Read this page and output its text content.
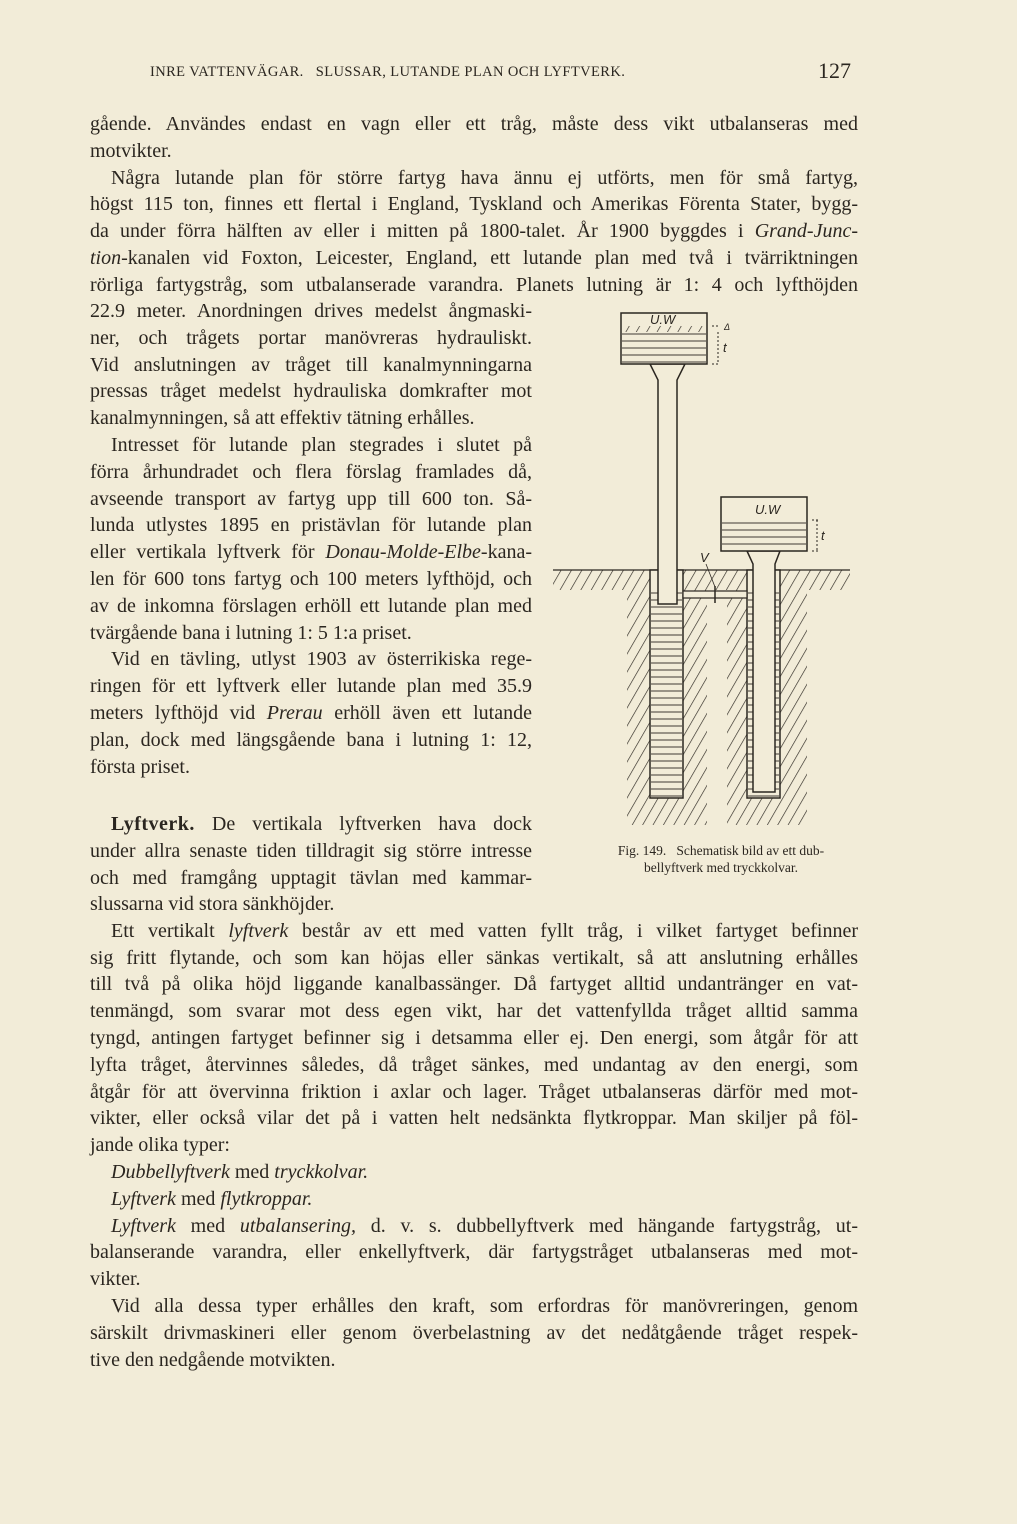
INRE VATTENVÄGAR.   SLUSSAR, LUTANDE PLAN OCH LYFTVERK.	127
gående. Användes endast en vagn eller ett tråg, måste dess vikt utbalanseras med
motvikter.
Några lutande plan för större fartyg hava ännu ej utförts, men för små fartyg,
högst 115 ton, finnes ett flertal i England, Tyskland och Amerikas Förenta Stater, bygg-
da under förra hälften av eller i mitten på 1800-talet. År 1900 byggdes i Grand-Junc-
tion-kanalen vid Foxton, Leicester, England, ett lutande plan med två i tvärriktningen
rörliga fartygstråg, som utbalanserade varandra. Planets lutning är 1: 4 och lyfthöjden
22.9 meter. Anordningen drives medelst ångmaski-
ner, och trågets portar manövreras hydrauliskt.
Vid anslutningen av tråget till kanalmynningarna
pressas tråget medelst hydrauliska domkrafter mot
kanalmynningen, så att effektiv tätning erhålles.
Intresset för lutande plan stegrades i slutet på
förra århundradet och flera förslag framlades då,
avseende transport av fartyg upp till 600 ton. Så-
lunda utlystes 1895 en pristävlan för lutande plan
eller vertikala lyftverk för Donau-Molde-Elbe-kana-
len för 600 tons fartyg och 100 meters lyfthöjd, och
av de inkomna förslagen erhöll ett lutande plan med
tvärgående bana i lutning 1: 5 1:a priset.
Vid en tävling, utlyst 1903 av österrikiska rege-
ringen för ett lyftverk eller lutande plan med 35.9
meters lyfthöjd vid Prerau erhöll även ett lutande
plan, dock med längsgående bana i lutning 1: 12,
första priset.
Lyftverk. De vertikala lyftverken hava dock
under allra senaste tiden tilldragit sig större intresse
och med framgång upptagit tävlan med kammar-
slussarna vid stora sänkhöjder.
Ett vertikalt lyftverk består av ett med vatten fyllt tråg, i vilket fartyget befinner
sig fritt flytande, och som kan höjas eller sänkas vertikalt, så att anslutning erhålles
till två på olika höjd liggande kanalbassänger. Då fartyget alltid undantränger en vat-
tenmängd, som svarar mot dess egen vikt, har det vattenfyllda tråget alltid samma
tyngd, antingen fartyget befinner sig i detsamma eller ej. Den energi, som åtgår för att
lyfta tråget, återvinnes således, då tråget sänkes, med undantag av den energi, som
åtgår för att övervinna friktion i axlar och lager. Tråget utbalanseras därför med mot-
vikter, eller också vilar det på i vatten helt nedsänkta flytkroppar. Man skiljer på föl-
jande olika typer:
Dubbellyftverk med tryckkolvar.
Lyftverk med flytkroppar.
Lyftverk med utbalansering, d. v. s. dubbellyftverk med hängande fartygstråg, ut-
balanserande varandra, eller enkellyftverk, där fartygstråget utbalanseras med mot-
vikter.
Vid alla dessa typer erhålles den kraft, som erfordras för manövreringen, genom
särskilt drivmaskineri eller genom överbelastning av det nedåtgående tråget respek-
tive den nedgående motvikten.
U.W	Δ
t
U.W
t
V
Fig. 149.   Schematisk bild av ett dub-
bellyftverk med tryckkolvar.
